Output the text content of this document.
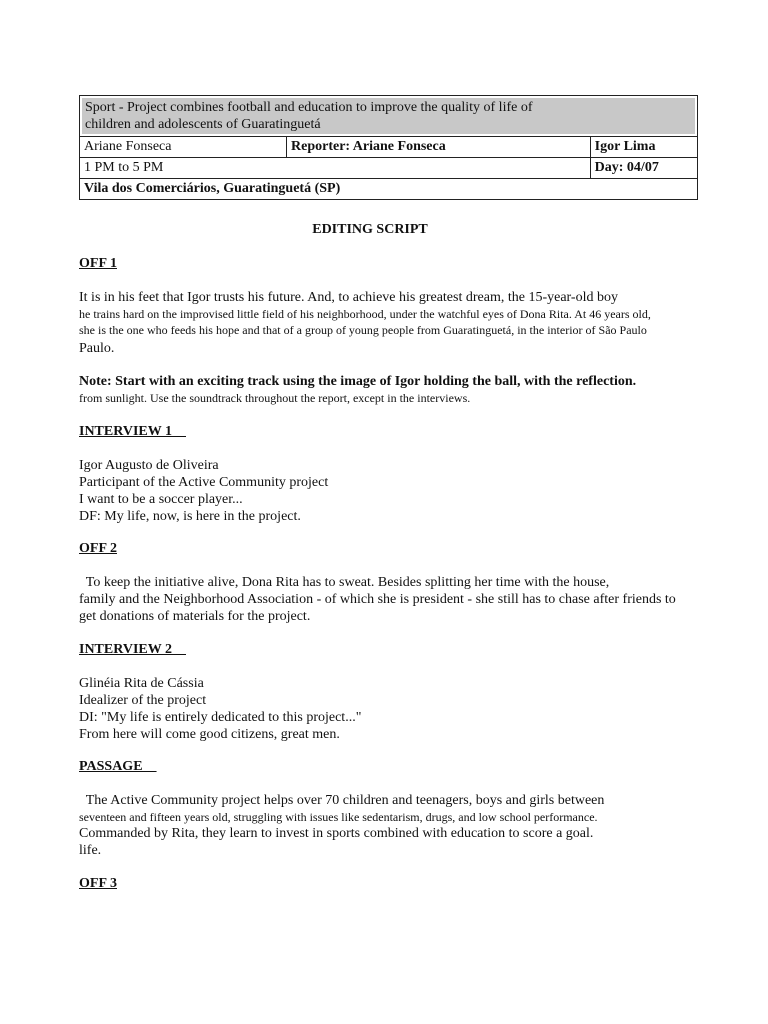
Sport - Project combines football and education to improve the quality of life of
children and adolescents of Guaratinguetá		

Ariane Fonseca	Reporter: Ariane Fonseca	Igor Lima
1 PM to 5 PM		Day: 04/07
Vila dos Comerciários, Guaratinguetá (SP)		
EDITING SCRIPT
OFF 1
It is in his feet that Igor trusts his future. And, to achieve his greatest dream, the 15-year-old boy
he trains hard on the improvised little field of his neighborhood, under the watchful eyes of Dona Rita. At 46 years old,
she is the one who feeds his hope and that of a group of young people from Guaratinguetá, in the interior of São Paulo
Paulo.
Note: Start with an exciting track using the image of Igor holding the ball, with the reflection.
from sunlight. Use the soundtrack throughout the report, except in the interviews.
INTERVIEW 1
Igor Augusto de Oliveira
Participant of the Active Community project
I want to be a soccer player...
DF: My life, now, is here in the project.
OFF 2
To keep the initiative alive, Dona Rita has to sweat. Besides splitting her time with the house,
family and the Neighborhood Association - of which she is president - she still has to chase after friends to
get donations of materials for the project.
INTERVIEW 2
Glinéia Rita de Cássia
Idealizer of the project
DI: "My life is entirely dedicated to this project..."
From here will come good citizens, great men.
PASSAGE
The Active Community project helps over 70 children and teenagers, boys and girls between
seventeen and fifteen years old, struggling with issues like sedentarism, drugs, and low school performance.
Commanded by Rita, they learn to invest in sports combined with education to score a goal.
life.
OFF 3
